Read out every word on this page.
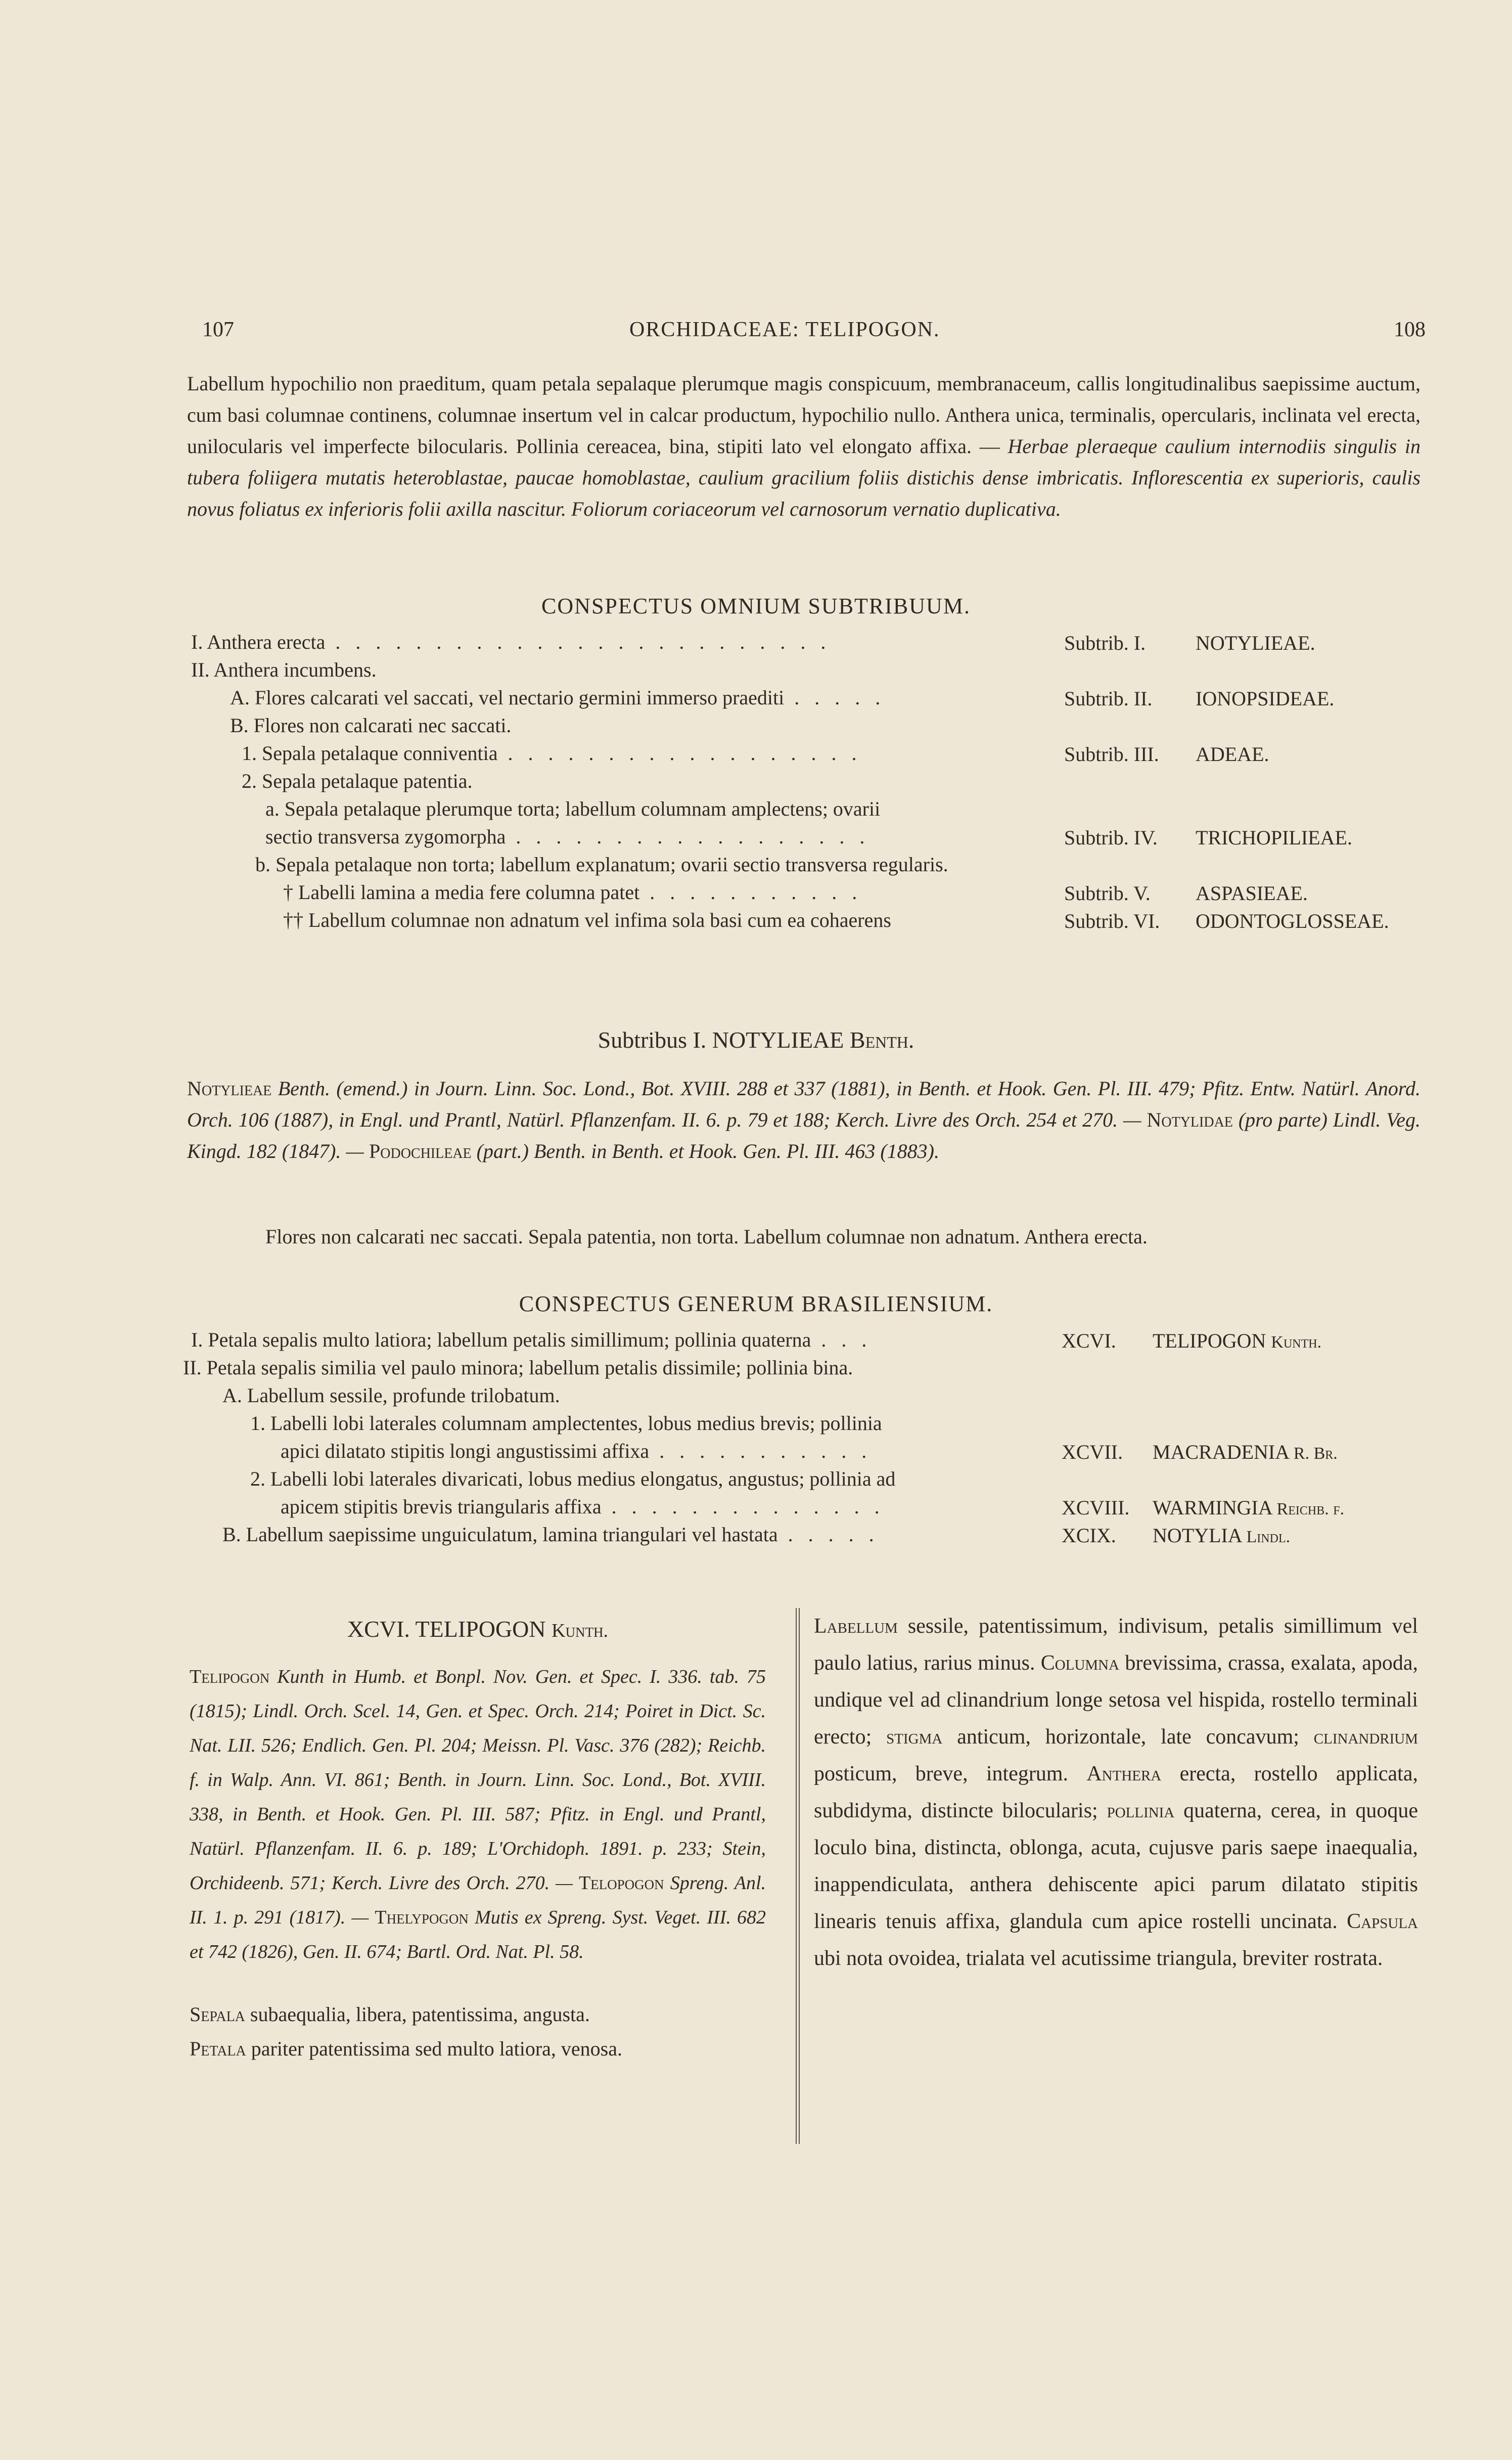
107	ORCHIDACEAE: TELIPOGON.	108
Labellum hypochilio non praeditum, quam petala sepalaque plerumque magis conspicuum, membranaceum, callis longitudinalibus saepissime auctum, cum basi columnae continens, columnae insertum vel in calcar productum, hypochilio nullo. Anthera unica, terminalis, opercularis, inclinata vel erecta, unilocularis vel imperfecte bilocularis. Pollinia cereacea, bina, stipiti lato vel elongato affixa. — Herbae pleraeque caulium internodiis singulis in tubera foliigera mutatis heteroblastae, paucae homoblastae, caulium gracilium foliis distichis dense imbricatis. Inflorescentia ex superioris, caulis novus foliatus ex inferioris folii axilla nascitur. Foliorum coriaceorum vel carnosorum vernatio duplicativa.
CONSPECTUS OMNIUM SUBTRIBUUM.
I. Anthera erecta . . . . . . . . . . . . . . . . . . . . . . . . .	Subtrib. I. NOTYLIEAE.
II. Anthera incumbens.
A. Flores calcarati vel saccati, vel nectario germini immerso praediti . . . . .	Subtrib. II. IONOPSIDEAE.
B. Flores non calcarati nec saccati.
1. Sepala petalaque conniventia . . . . . . . . . . . . . . . . . .	Subtrib. III. ADEAE.
2. Sepala petalaque patentia.
a. Sepala petalaque plerumque torta; labellum columnam amplectens; ovarii
sectio transversa zygomorpha . . . . . . . . . . . . . . . . . .	Subtrib. IV. TRICHOPILIEAE.
b. Sepala petalaque non torta; labellum explanatum; ovarii sectio transversa regularis.
† Labelli lamina a media fere columna patet . . . . . . . . . . .	Subtrib. V. ASPASIEAE.
†† Labellum columnae non adnatum vel infima sola basi cum ea cohaerens	Subtrib. VI. ODONTOGLOSSEAE.
Subtribus I. NOTYLIEAE Benth.
Notylieae Benth. (emend.) in Journ. Linn. Soc. Lond., Bot. XVIII. 288 et 337 (1881), in Benth. et Hook. Gen. Pl. III. 479; Pfitz. Entw. Natürl. Anord. Orch. 106 (1887), in Engl. und Prantl, Natürl. Pflanzenfam. II. 6. p. 79 et 188; Kerch. Livre des Orch. 254 et 270. — Notylidae (pro parte) Lindl. Veg. Kingd. 182 (1847). — Podochileae (part.) Benth. in Benth. et Hook. Gen. Pl. III. 463 (1883).
Flores non calcarati nec saccati. Sepala patentia, non torta. Labellum columnae non adnatum. Anthera erecta.
CONSPECTUS GENERUM BRASILIENSIUM.
I. Petala sepalis multo latiora; labellum petalis simillimum; pollinia quaterna . . .	XCVI. TELIPOGON Kunth.
II. Petala sepalis similia vel paulo minora; labellum petalis dissimile; pollinia bina.
A. Labellum sessile, profunde trilobatum.
1. Labelli lobi laterales columnam amplectentes, lobus medius brevis; pollinia
apici dilatato stipitis longi angustissimi affixa . . . . . . . . . . .	XCVII. MACRADENIA R. Br.
2. Labelli lobi laterales divaricati, lobus medius elongatus, angustus; pollinia ad
apicem stipitis brevis triangularis affixa . . . . . . . . . . . . . .	XCVIII. WARMINGIA Reichb. f.
B. Labellum saepissime unguiculatum, lamina triangulari vel hastata . . . . .	XCIX. NOTYLIA Lindl.
XCVI. TELIPOGON Kunth.
Telipogon Kunth in Humb. et Bonpl. Nov. Gen. et Spec. I. 336. tab. 75 (1815); Lindl. Orch. Scel. 14, Gen. et Spec. Orch. 214; Poiret in Dict. Sc. Nat. LII. 526; Endlich. Gen. Pl. 204; Meissn. Pl. Vasc. 376 (282); Reichb. f. in Walp. Ann. VI. 861; Benth. in Journ. Linn. Soc. Lond., Bot. XVIII. 338, in Benth. et Hook. Gen. Pl. III. 587; Pfitz. in Engl. und Prantl, Natürl. Pflanzenfam. II. 6. p. 189; L'Orchidoph. 1891. p. 233; Stein, Orchideenb. 571; Kerch. Livre des Orch. 270. — Telopogon Spreng. Anl. II. 1. p. 291 (1817). — Thelypogon Mutis ex Spreng. Syst. Veget. III. 682 et 742 (1826), Gen. II. 674; Bartl. Ord. Nat. Pl. 58.
Sepala subaequalia, libera, patentissima, angusta.
Petala pariter patentissima sed multo latiora, venosa.
Labellum sessile, patentissimum, indivisum, petalis simillimum vel paulo latius, rarius minus. Columna brevissima, crassa, exalata, apoda, undique vel ad clinandrium longe setosa vel hispida, rostello terminali erecto; stigma anticum, horizontale, late concavum; clinandrium posticum, breve, integrum. Anthera erecta, rostello applicata, subdidyma, distincte bilocularis; pollinia quaterna, cerea, in quoque loculo bina, distincta, oblonga, acuta, cujusve paris saepe inaequalia, inappendiculata, anthera dehiscente apici parum dilatato stipitis linearis tenuis affixa, glandula cum apice rostelli uncinata. Capsula ubi nota ovoidea, trialata vel acutissime triangula, breviter rostrata.
